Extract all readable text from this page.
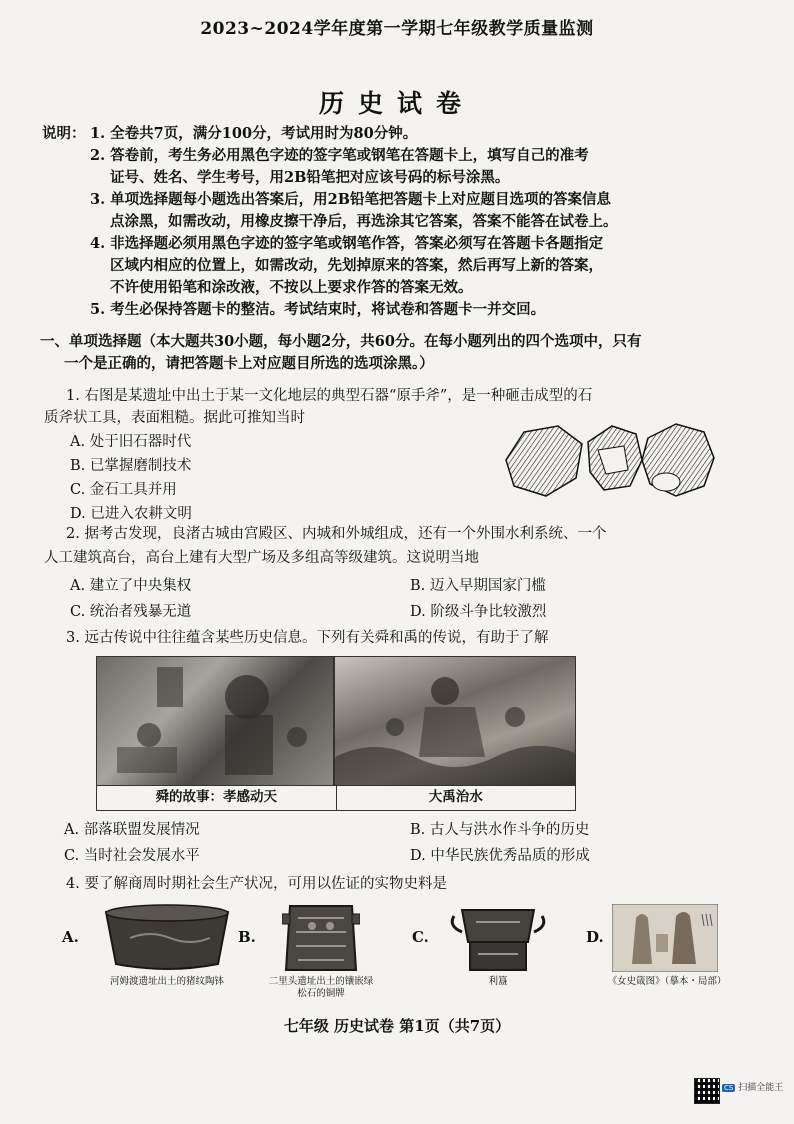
2023~2024学年度第一学期七年级教学质量监测
历史试卷
说明： 1. 全卷共7页，满分100分，考试用时为80分钟。
2. 答卷前，考生务必用黑色字迹的签字笔或钢笔在答题卡上，填写自己的准考
证号、姓名、学生考号，用2B铅笔把对应该号码的标号涂黑。
3. 单项选择题每小题选出答案后，用2B铅笔把答题卡上对应题目选项的答案信息
点涂黑，如需改动，用橡皮擦干净后，再选涂其它答案，答案不能答在试卷上。
4. 非选择题必须用黑色字迹的签字笔或钢笔作答，答案必须写在答题卡各题指定
区域内相应的位置上，如需改动，先划掉原来的答案，然后再写上新的答案，
不许使用铅笔和涂改液，不按以上要求作答的答案无效。
5. 考生必保持答题卡的整洁。考试结束时，将试卷和答题卡一并交回。
一、单项选择题（本大题共30小题，每小题2分，共60分。在每小题列出的四个选项中，只有
一个是正确的，请把答题卡上对应题目所选的选项涂黑。）
1. 右图是某遗址中出土于某一文化地层的典型石器“原手斧”，是一种砸击成型的石
质斧状工具，表面粗糙。据此可推知当时
A. 处于旧石器时代
B. 已掌握磨制技术
C. 金石工具并用
D. 已进入农耕文明
2. 据考古发现，良渚古城由宫殿区、内城和外城组成，还有一个外围水利系统、一个
人工建筑高台，高台上建有大型广场及多组高等级建筑。这说明当地
A. 建立了中央集权	B. 迈入早期国家门槛
C. 统治者残暴无道	D. 阶级斗争比较激烈
3. 远古传说中往往蕴含某些历史信息。下列有关舜和禹的传说，有助于了解
舜的故事：孝感动天	大禹治水
A. 部落联盟发展情况	B. 古人与洪水作斗争的历史
C. 当时社会发展水平	D. 中华民族优秀品质的形成
4. 要了解商周时期社会生产状况，可用以佐证的实物史料是
A.
河姆渡遗址出土的猪纹陶钵
B.
二里头遗址出土的镶嵌绿松石的铜牌
C.
利簋
D.
《女史箴图》（摹本・局部）
七年级 历史试卷 第1页（共7页）
CS 扫描全能王
